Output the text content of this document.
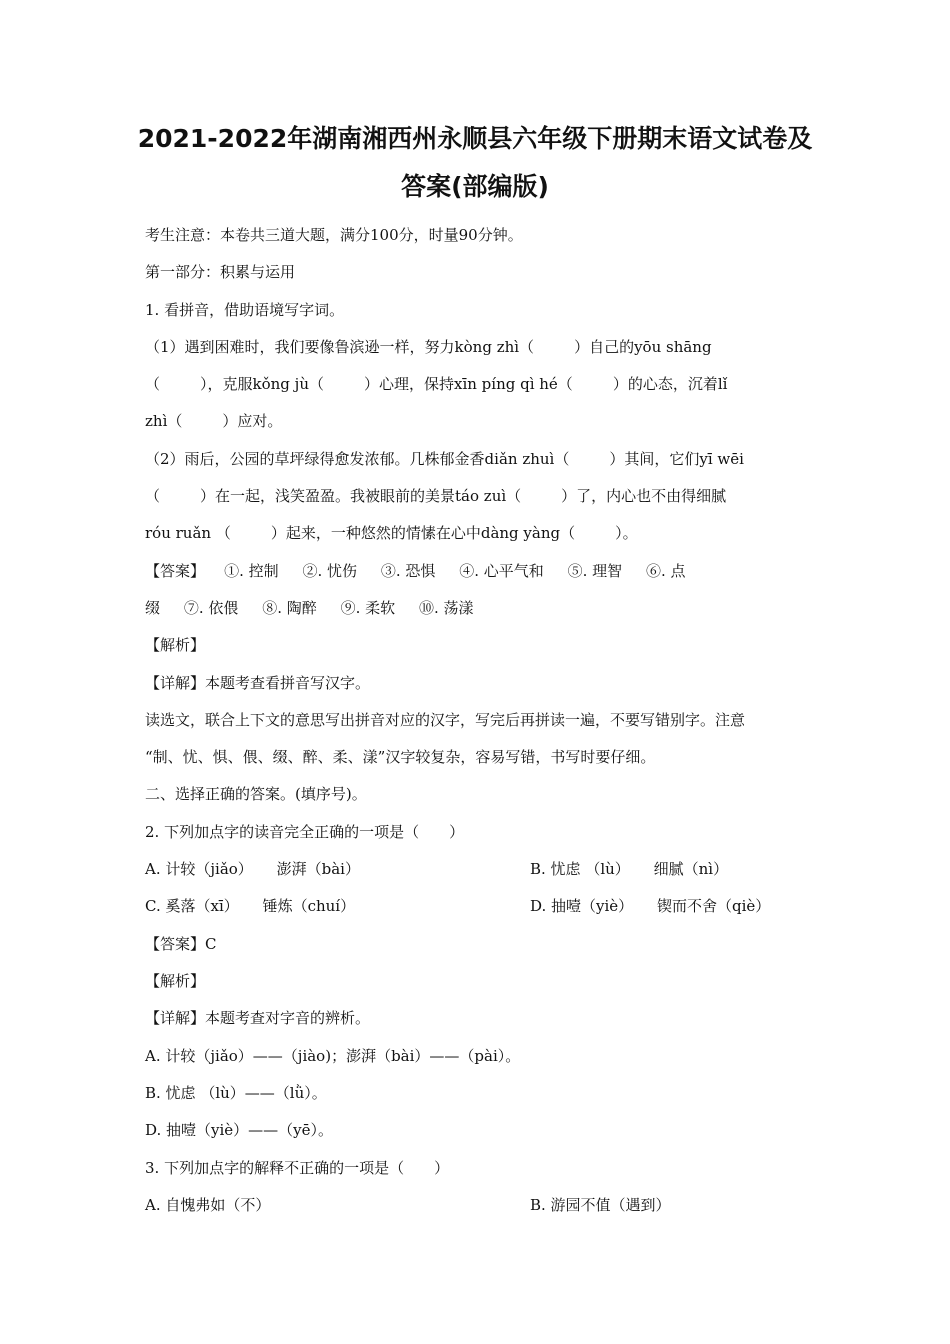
2021-2022年湖南湘西州永顺县六年级下册期末语文试卷及
答案(部编版)
考生注意：本卷共三道大题，满分100分，时量90分钟。
第一部分：积累与运用
1. 看拼音，借助语境写字词。
（1）遇到困难时，我们要像鲁滨逊一样，努力kòng zhì（	）自己的yōu shāng
（	），克服kǒng jù（	）心理，保持xīn píng qì hé（	）的心态，沉着lǐ
zhì（	）应对。
（2）雨后，公园的草坪绿得愈发浓郁。几株郁金香diǎn zhuì（	）其间，它们yī wēi
（	）在一起，浅笑盈盈。我被眼前的美景táo zuì（	）了，内心也不由得细腻
róu ruǎn （	）起来，一种悠然的情愫在心中dàng yàng（	）。
【答案】    ①. 控制     ②. 忧伤     ③. 恐惧     ④. 心平气和     ⑤. 理智     ⑥. 点
缀     ⑦. 依偎     ⑧. 陶醉     ⑨. 柔软     ⑩. 荡漾
【解析】
【详解】本题考查看拼音写汉字。
读选文，联合上下文的意思写出拼音对应的汉字，写完后再拼读一遍，不要写错别字。注意
“制、忧、惧、偎、缀、醉、柔、漾”汉字较复杂，容易写错，书写时要仔细。
二、选择正确的答案。(填序号)。
2. 下列加点字的读音完全正确的一项是（　　）
A. 计较（jiǎo）     澎湃（bài）	B. 忧虑 （lù）     细腻（nì）
C. 奚落（xī）     锤炼（chuí）	D. 抽噎（yiè）     锲而不舍（qiè）
【答案】C
【解析】
【详解】本题考查对字音的辨析。
A. 计较（jiǎo）——（jiào)；澎湃（bài）——（pài）。
B. 忧虑 （lù）——（lǜ）。
D. 抽噎（yiè）——（yē）。
3. 下列加点字的解释不正确的一项是（　　）
A. 自愧弗如（不）	B. 游园不值（遇到）
